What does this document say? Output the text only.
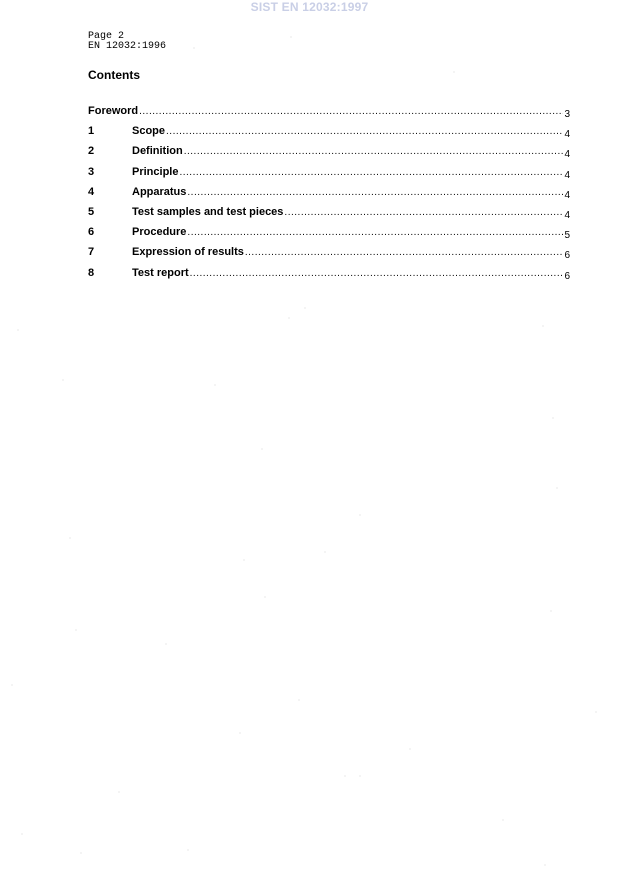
SIST EN 12032:1997
Page 2
EN 12032:1996
Contents
Foreword .....	3
1	Scope .....	4
2	Definition .....	4
3	Principle .....	4
4	Apparatus .....	4
5	Test samples and test pieces .....	4
6	Procedure .....	5
7	Expression of results .....	6
8	Test report .....	6
